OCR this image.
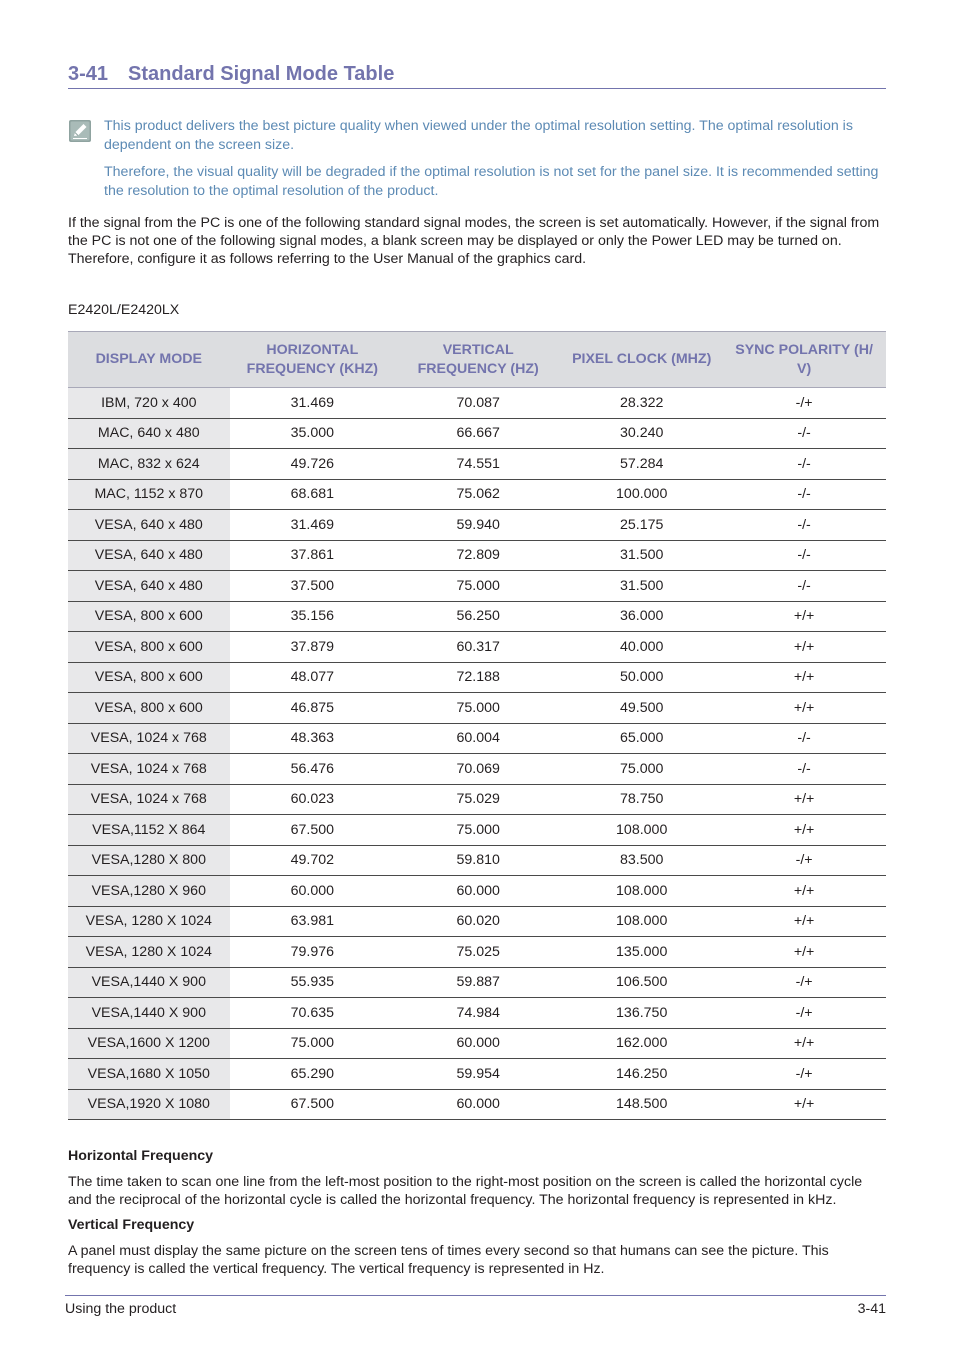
3-41 Standard Signal Mode Table

This product delivers the best picture quality when viewed under the optimal resolution setting. The optimal resolution is dependent on the screen size.

Therefore, the visual quality will be degraded if the optimal resolution is not set for the panel size. It is recommended setting the resolution to the optimal resolution of the product.

If the signal from the PC is one of the following standard signal modes, the screen is set automatically. However, if the signal from the PC is not one of the following signal modes, a blank screen may be displayed or only the Power LED may be turned on. Therefore, configure it as follows referring to the User Manual of the graphics card.

E2420L/E2420LX

DISPLAY MODE	HORIZONTAL FREQUENCY (KHZ)	VERTICAL FREQUENCY (HZ)	PIXEL CLOCK (MHZ)	SYNC POLARITY (H/ V)
IBM, 720 x 400	31.469	70.087	28.322	-/+
MAC, 640 x 480	35.000	66.667	30.240	-/-
MAC, 832 x 624	49.726	74.551	57.284	-/-
MAC, 1152 x 870	68.681	75.062	100.000	-/-
VESA, 640 x 480	31.469	59.940	25.175	-/-
VESA, 640 x 480	37.861	72.809	31.500	-/-
VESA, 640 x 480	37.500	75.000	31.500	-/-
VESA, 800 x 600	35.156	56.250	36.000	+/+
VESA, 800 x 600	37.879	60.317	40.000	+/+
VESA, 800 x 600	48.077	72.188	50.000	+/+
VESA, 800 x 600	46.875	75.000	49.500	+/+
VESA, 1024 x 768	48.363	60.004	65.000	-/-
VESA, 1024 x 768	56.476	70.069	75.000	-/-
VESA, 1024 x 768	60.023	75.029	78.750	+/+
VESA,1152 X 864	67.500	75.000	108.000	+/+
VESA,1280 X 800	49.702	59.810	83.500	-/+
VESA,1280 X 960	60.000	60.000	108.000	+/+
VESA, 1280 X 1024	63.981	60.020	108.000	+/+
VESA, 1280 X 1024	79.976	75.025	135.000	+/+
VESA,1440 X 900	55.935	59.887	106.500	-/+
VESA,1440 X 900	70.635	74.984	136.750	-/+
VESA,1600 X 1200	75.000	60.000	162.000	+/+
VESA,1680 X 1050	65.290	59.954	146.250	-/+
VESA,1920 X 1080	67.500	60.000	148.500	+/+
Horizontal Frequency

The time taken to scan one line from the left-most position to the right-most position on the screen is called the horizontal cycle and the reciprocal of the horizontal cycle is called the horizontal frequency. The horizontal frequency is represented in kHz.

Vertical Frequency

A panel must display the same picture on the screen tens of times every second so that humans can see the picture. This frequency is called the vertical frequency. The vertical frequency is represented in Hz.

Using the product	3-41
